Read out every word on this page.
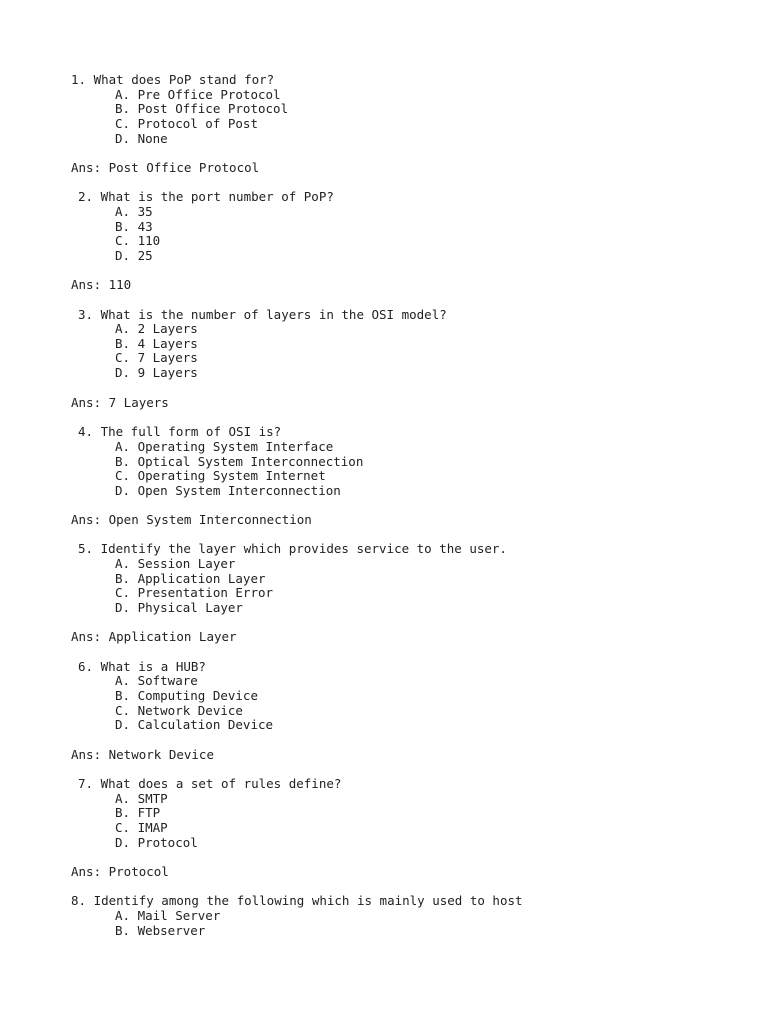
1. What does PoP stand for?
A. Pre Office Protocol
B. Post Office Protocol
C. Protocol of Post
D. None
Ans: Post Office Protocol
2. What is the port number of PoP?
A. 35
B. 43
C. 110
D. 25
Ans: 110
3. What is the number of layers in the OSI model?
A. 2 Layers
B. 4 Layers
C. 7 Layers
D. 9 Layers
Ans: 7 Layers
4. The full form of OSI is?
A. Operating System Interface
B. Optical System Interconnection
C. Operating System Internet
D. Open System Interconnection
Ans: Open System Interconnection
5. Identify the layer which provides service to the user.
A. Session Layer
B. Application Layer
C. Presentation Error
D. Physical Layer
Ans: Application Layer
6. What is a HUB?
A. Software
B. Computing Device
C. Network Device
D. Calculation Device
Ans: Network Device
7. What does a set of rules define?
A. SMTP
B. FTP
C. IMAP
D. Protocol
Ans: Protocol
8. Identify among the following which is mainly used to host
A. Mail Server
B. Webserver
